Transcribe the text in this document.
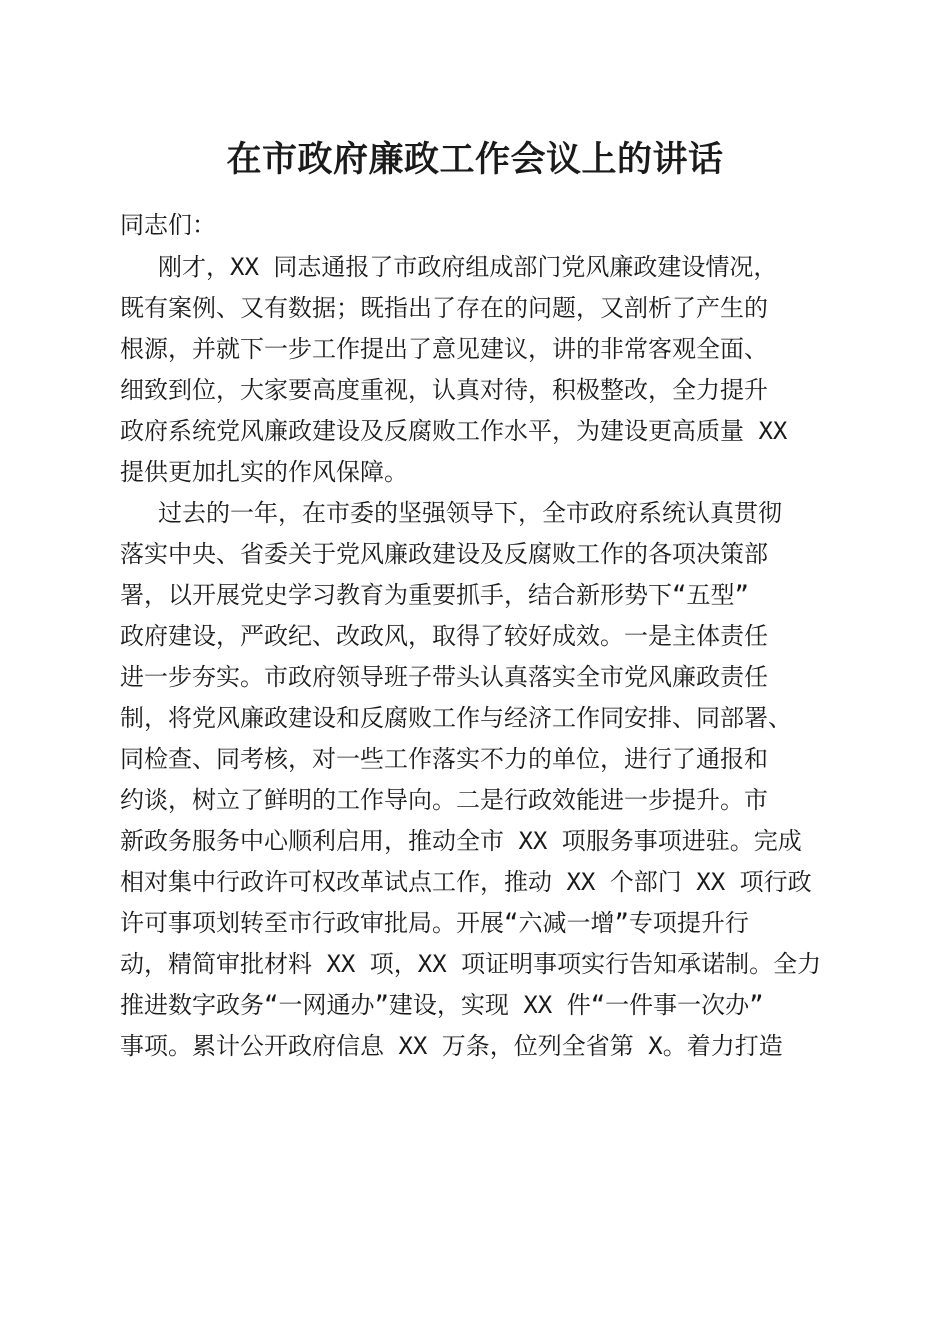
在市政府廉政工作会议上的讲话
同志们：
刚才，XX 同志通报了市政府组成部门党风廉政建设情况，
既有案例、又有数据；既指出了存在的问题，又剖析了产生的
根源，并就下一步工作提出了意见建议，讲的非常客观全面、
细致到位，大家要高度重视，认真对待，积极整改，全力提升
政府系统党风廉政建设及反腐败工作水平，为建设更高质量 XX
提供更加扎实的作风保障。
过去的一年，在市委的坚强领导下，全市政府系统认真贯彻
落实中央、省委关于党风廉政建设及反腐败工作的各项决策部
署，以开展党史学习教育为重要抓手，结合新形势下“五型”
政府建设，严政纪、改政风，取得了较好成效。一是主体责任
进一步夯实。市政府领导班子带头认真落实全市党风廉政责任
制，将党风廉政建设和反腐败工作与经济工作同安排、同部署、
同检查、同考核，对一些工作落实不力的单位，进行了通报和
约谈，树立了鲜明的工作导向。二是行政效能进一步提升。市
新政务服务中心顺利启用，推动全市 XX 项服务事项进驻。完成
相对集中行政许可权改革试点工作，推动 XX 个部门 XX 项行政
许可事项划转至市行政审批局。开展“六减一增”专项提升行
动，精简审批材料 XX 项，XX 项证明事项实行告知承诺制。全力
推进数字政务“一网通办”建设，实现 XX 件“一件事一次办”
事项。累计公开政府信息 XX 万条，位列全省第 X。着力打造
